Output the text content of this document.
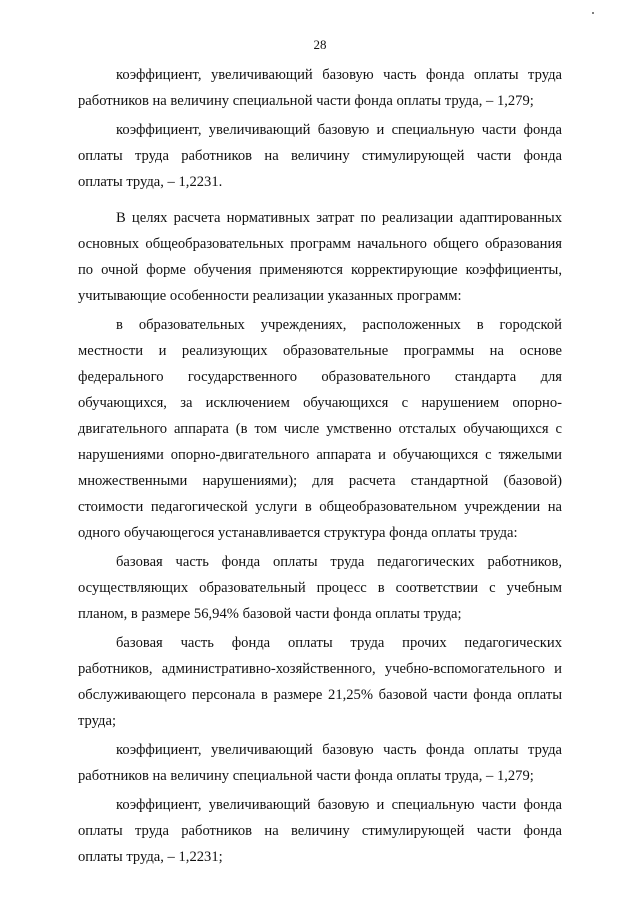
28
коэффициент, увеличивающий базовую часть фонда оплаты труда
работников на величину специальной части фонда оплаты труда, – 1,279;
коэффициент, увеличивающий базовую и специальную части фонда
оплаты труда работников на величину стимулирующей части фонда
оплаты труда, – 1,2231.
В целях расчета нормативных затрат по реализации адаптированных
основных общеобразовательных программ начального общего образования
по очной форме обучения применяются корректирующие коэффициенты,
учитывающие особенности реализации указанных программ:
в образовательных учреждениях, расположенных в городской
местности и реализующих образовательные программы на основе
федерального государственного образовательного стандарта для
обучающихся, за исключением обучающихся с нарушением опорно-
двигательного аппарата (в том числе умственно отсталых обучающихся с
нарушениями опорно-двигательного аппарата и обучающихся с тяжелыми
множественными нарушениями); для расчета стандартной (базовой)
стоимости педагогической услуги в общеобразовательном учреждении на
одного обучающегося устанавливается структура фонда оплаты труда:
базовая часть фонда оплаты труда педагогических работников,
осуществляющих образовательный процесс в соответствии с учебным
планом, в размере 56,94% базовой части фонда оплаты труда;
базовая часть фонда оплаты труда прочих педагогических
работников, административно-хозяйственного, учебно-вспомогательного и
обслуживающего персонала в размере 21,25% базовой части фонда оплаты
труда;
коэффициент, увеличивающий базовую часть фонда оплаты труда
работников на величину специальной части фонда оплаты труда, – 1,279;
коэффициент, увеличивающий базовую и специальную части фонда
оплаты труда работников на величину стимулирующей части фонда
оплаты труда, – 1,2231;
